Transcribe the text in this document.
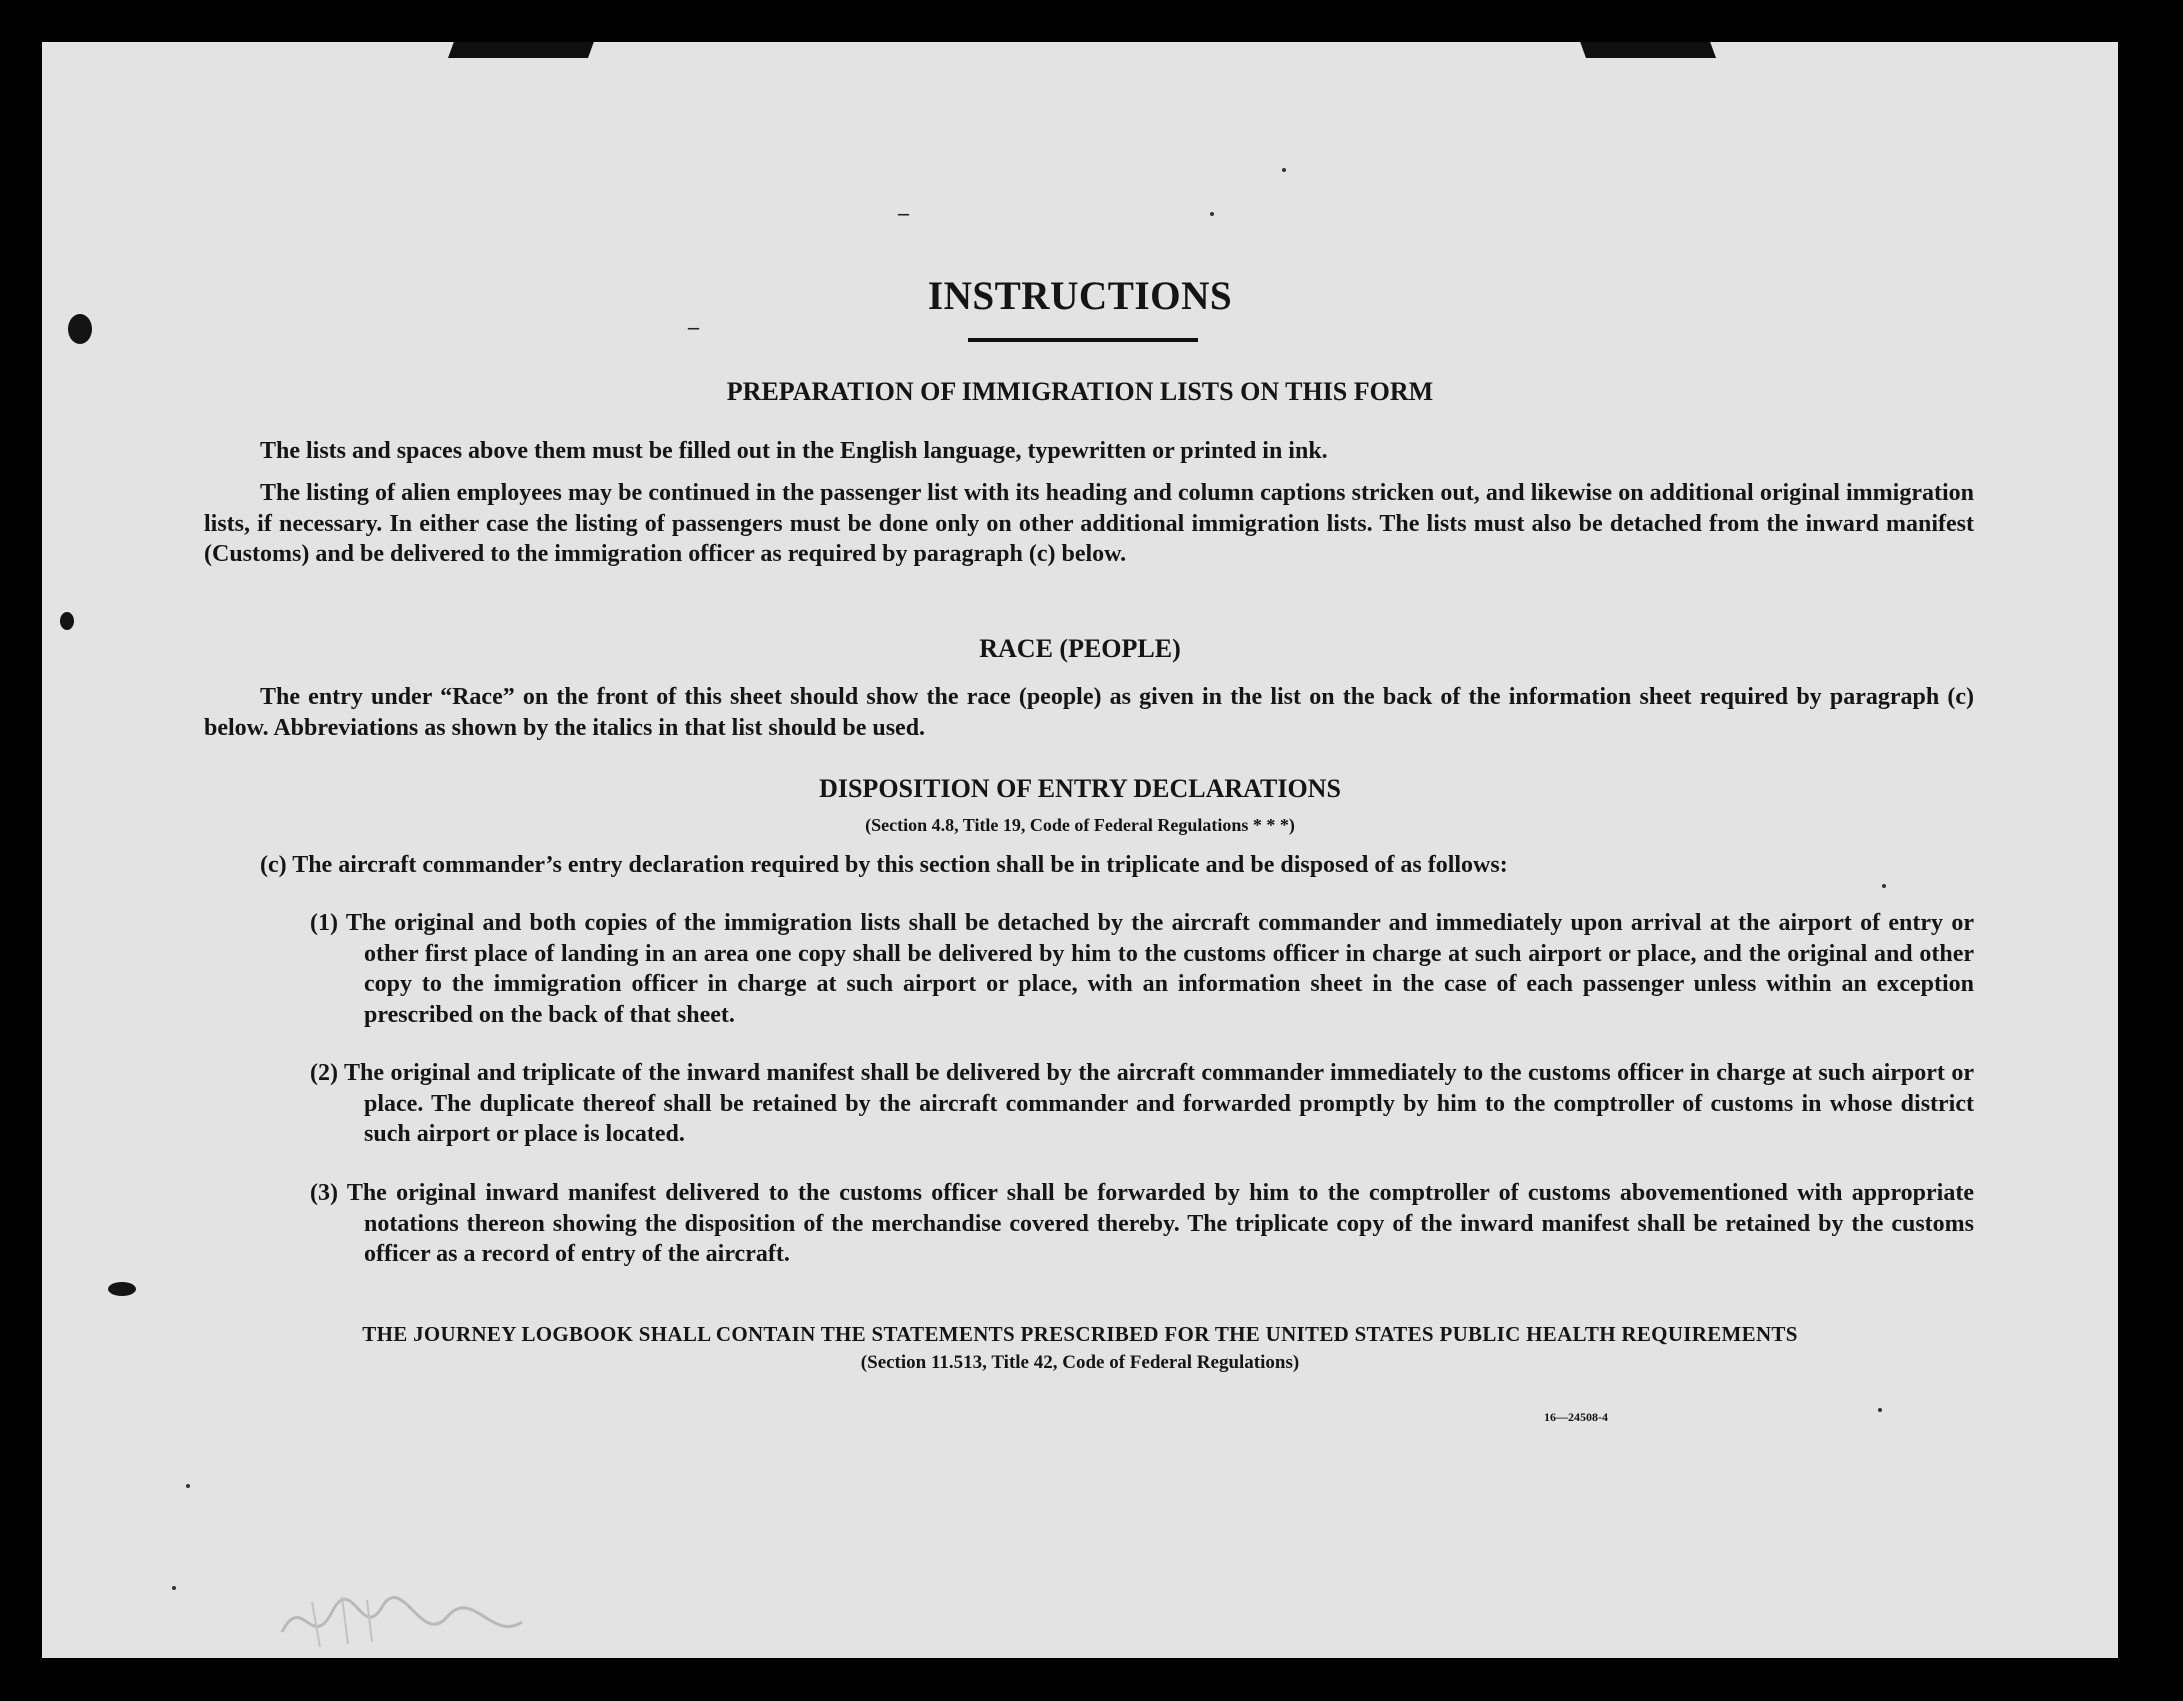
–
–
INSTRUCTIONS
PREPARATION OF IMMIGRATION LISTS ON THIS FORM

The lists and spaces above them must be filled out in the English language, typewritten or printed in ink.

The listing of alien employees may be continued in the passenger list with its heading and column captions stricken out, and likewise on additional original immigration lists, if necessary. In either case the listing of passengers must be done only on other additional immigration lists. The lists must also be detached from the inward manifest (Customs) and be delivered to the immigration officer as required by paragraph (c) below.

RACE (PEOPLE)

The entry under “Race” on the front of this sheet should show the race (people) as given in the list on the back of the information sheet required by paragraph (c) below. Abbreviations as shown by the italics in that list should be used.

DISPOSITION OF ENTRY DECLARATIONS
(Section 4.8, Title 19, Code of Federal Regulations * * *)

(c) The aircraft commander’s entry declaration required by this section shall be in triplicate and be disposed of as follows:

(1) The original and both copies of the immigration lists shall be detached by the aircraft commander and immediately upon arrival at the airport of entry or other first place of landing in an area one copy shall be delivered by him to the customs officer in charge at such airport or place, and the original and other copy to the immigration officer in charge at such airport or place, with an information sheet in the case of each passenger unless within an exception prescribed on the back of that sheet.

(2) The original and triplicate of the inward manifest shall be delivered by the aircraft commander immediately to the customs officer in charge at such airport or place. The duplicate thereof shall be retained by the aircraft commander and forwarded promptly by him to the comptroller of customs in whose district such airport or place is located.

(3) The original inward manifest delivered to the customs officer shall be forwarded by him to the comptroller of customs abovementioned with appropriate notations thereon showing the disposition of the merchandise covered thereby. The triplicate copy of the inward manifest shall be retained by the customs officer as a record of entry of the aircraft.

THE JOURNEY LOGBOOK SHALL CONTAIN THE STATEMENTS PRESCRIBED FOR THE UNITED STATES PUBLIC HEALTH REQUIREMENTS
(Section 11.513, Title 42, Code of Federal Regulations)
16—24508-4
